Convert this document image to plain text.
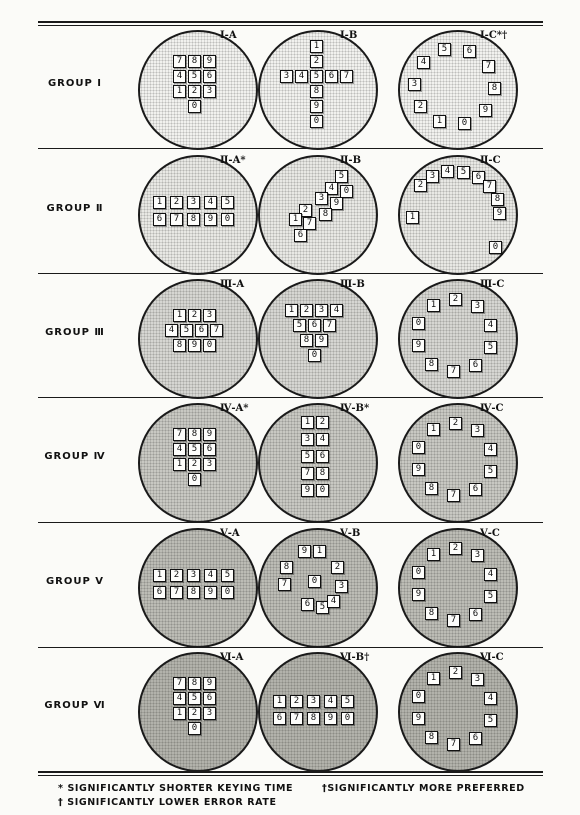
GROUP Ⅰ
Ⅰ-A
7	8	9
4	5	6
1	2	3
0
Ⅰ-B
1
2
3	4	5	6	7
8
9
0
Ⅰ-C*†
5	6
7
8
9
0
1
2
3
4
GROUP Ⅱ
Ⅱ-A*
1	2	3	4	5
6	7	8	9	0
Ⅱ-B
5
4	0
3	9
2	8
1 7
6
Ⅱ-C
1
2
3	4	5	6
7
8
9
0
GROUP Ⅲ
Ⅲ-A
1	2	3
4	5	6	7
8	9	0
Ⅲ-B
1	2	3	4
5	6	7
8	9
0
Ⅲ-C
1
2
3
4
5
6
7
8
9
0
GROUP Ⅳ
Ⅳ-A*
7	8	9
4	5	6
1	2	3
0
Ⅳ-B*
1	2
3	4
5	6
7	8
9	0
Ⅳ-C
1
2
3
4
5
6
7
8
9
0
GROUP Ⅴ
Ⅴ-A
1	2	3	4	5
6	7	8	9	0
Ⅴ-B
9	1
8	2
7	0	3
6	5
4
Ⅴ-C
1
2
3
4
5
6
7
8
9
0
GROUP Ⅵ
Ⅵ-A
7	8	9
4	5	6
1	2	3
0
Ⅵ-B†
1	2	3	4	5
6	7	8	9	0
Ⅵ-C
1
2
3
4
5
6
7
8
9
0
* SIGNIFICANTLY SHORTER KEYING TIME
† SIGNIFICANTLY LOWER ERROR RATE
†SIGNIFICANTLY MORE PREFERRED
